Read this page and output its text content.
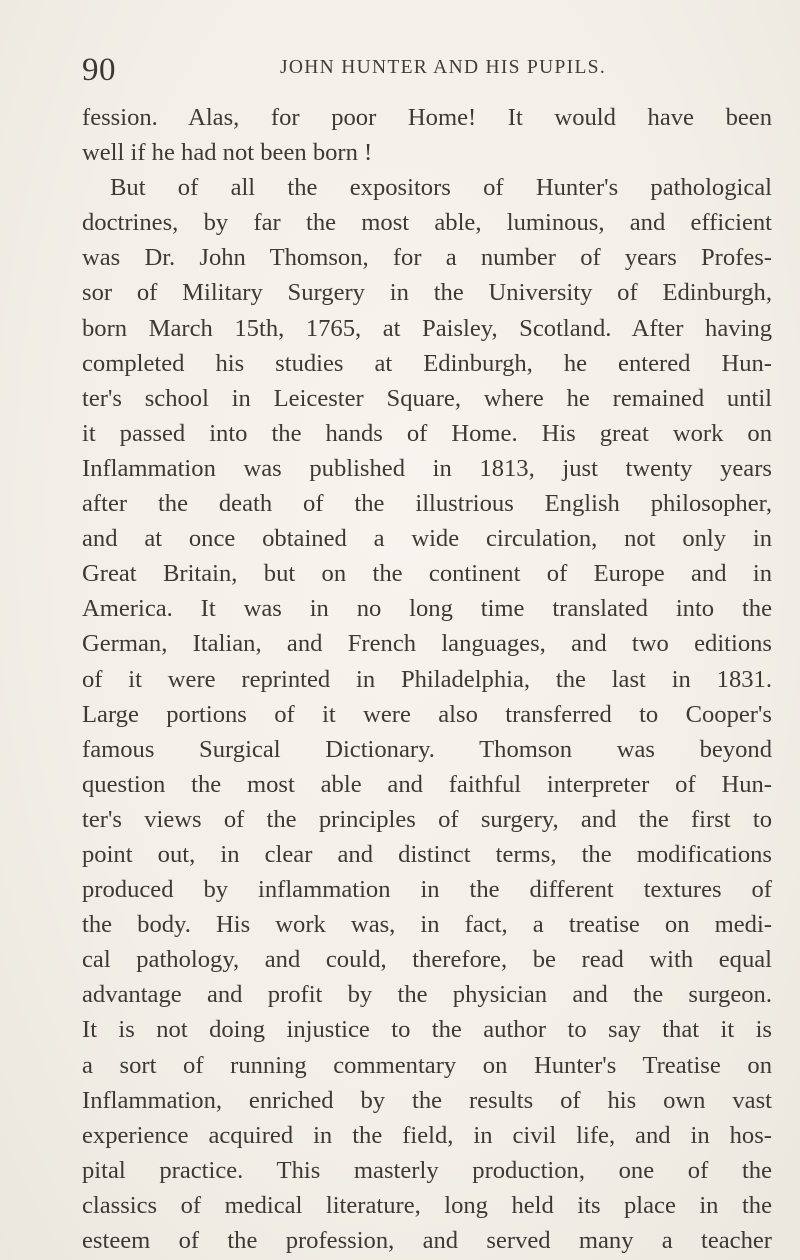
90	JOHN HUNTER AND HIS PUPILS.
fession. Alas, for poor Home! It would have been
well if he had not been born !
But of all the expositors of Hunter's pathological
doctrines, by far the most able, luminous, and efficient
was Dr. John Thomson, for a number of years Profes-
sor of Military Surgery in the University of Edinburgh,
born March 15th, 1765, at Paisley, Scotland. After having
completed his studies at Edinburgh, he entered Hun-
ter's school in Leicester Square, where he remained until
it passed into the hands of Home. His great work on
Inflammation was published in 1813, just twenty years
after the death of the illustrious English philosopher,
and at once obtained a wide circulation, not only in
Great Britain, but on the continent of Europe and in
America. It was in no long time translated into the
German, Italian, and French languages, and two editions
of it were reprinted in Philadelphia, the last in 1831.
Large portions of it were also transferred to Cooper's
famous Surgical Dictionary. Thomson was beyond
question the most able and faithful interpreter of Hun-
ter's views of the principles of surgery, and the first to
point out, in clear and distinct terms, the modifications
produced by inflammation in the different textures of
the body. His work was, in fact, a treatise on medi-
cal pathology, and could, therefore, be read with equal
advantage and profit by the physician and the surgeon.
It is not doing injustice to the author to say that it is
a sort of running commentary on Hunter's Treatise on
Inflammation, enriched by the results of his own vast
experience acquired in the field, in civil life, and in hos-
pital practice. This masterly production, one of the
classics of medical literature, long held its place in the
esteem of the profession, and served many a teacher
